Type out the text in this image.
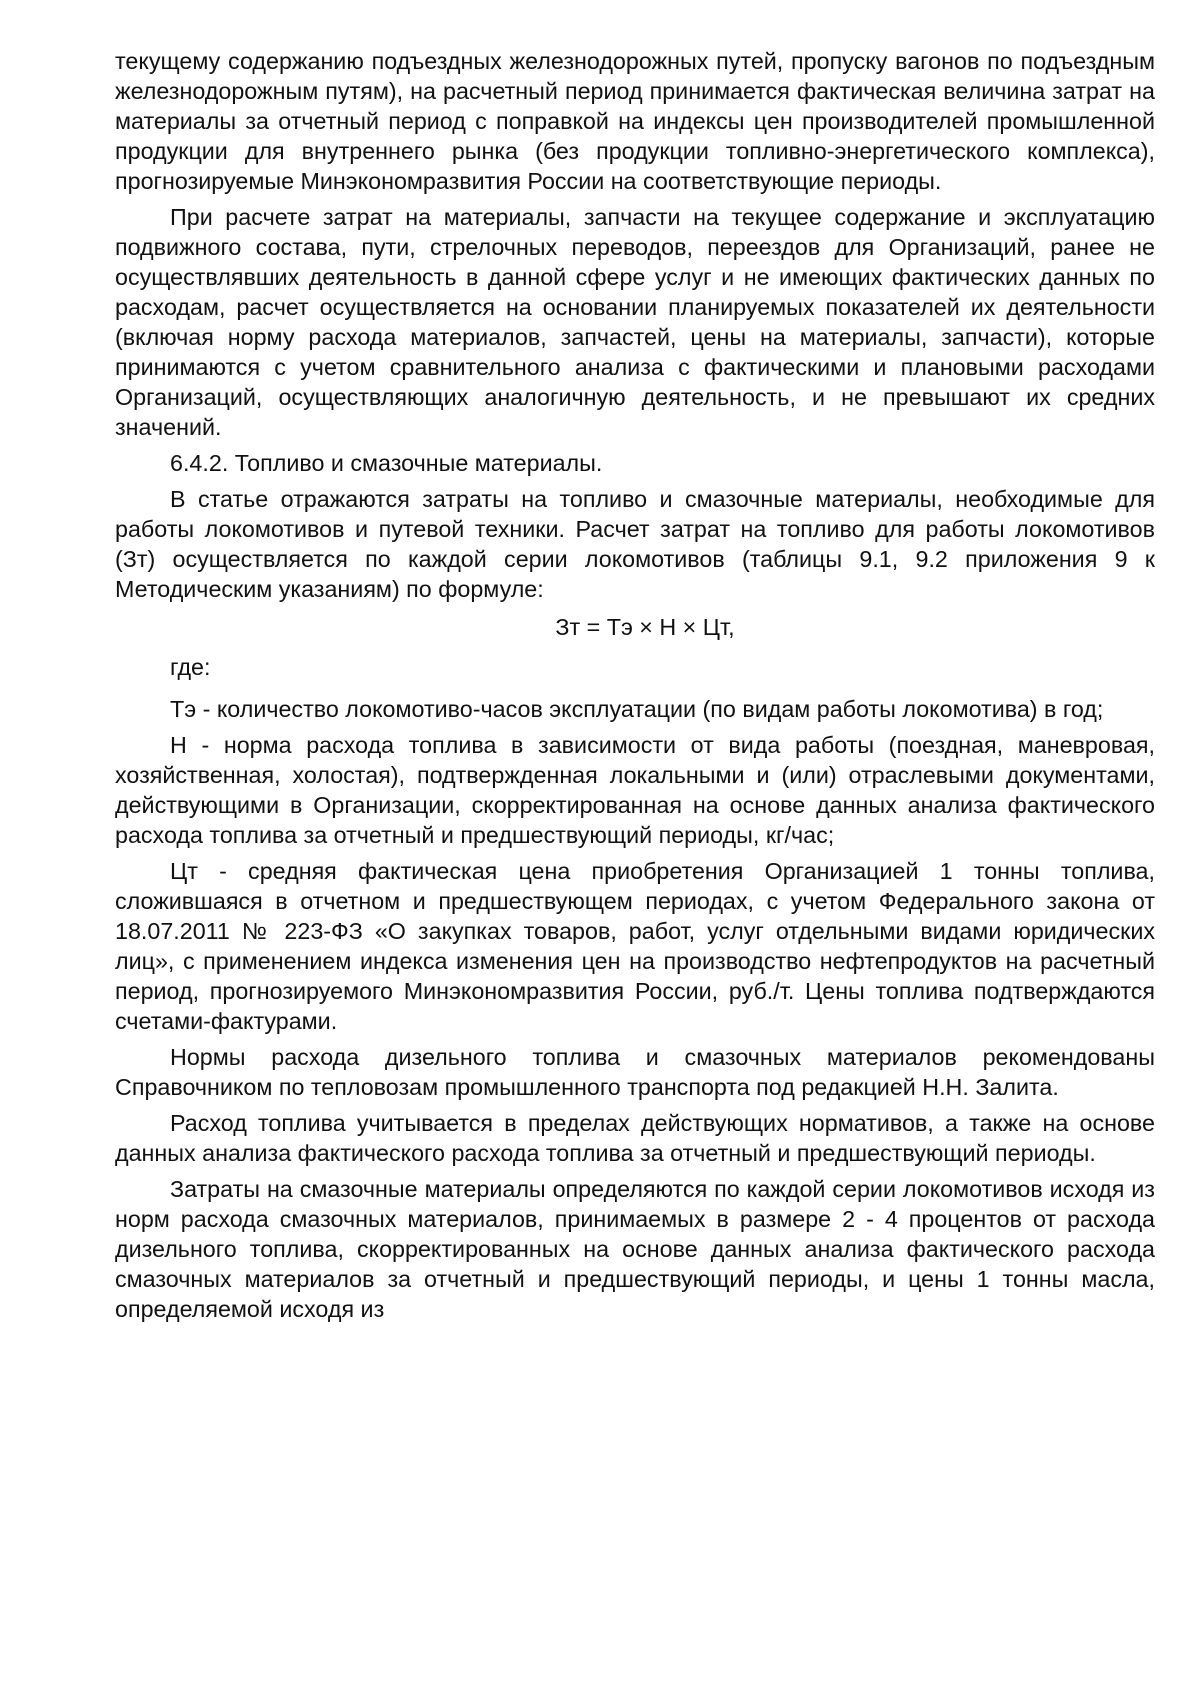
текущему содержанию подъездных железнодорожных путей, пропуску вагонов по подъездным железнодорожным путям), на расчетный период принимается фактическая величина затрат на материалы за отчетный период с поправкой на индексы цен производителей промышленной продукции для внутреннего рынка (без продукции топливно-энергетического комплекса), прогнозируемые Минэкономразвития России на соответствующие периоды.

При расчете затрат на материалы, запчасти на текущее содержание и эксплуатацию подвижного состава, пути, стрелочных переводов, переездов для Организаций, ранее не осуществлявших деятельность в данной сфере услуг и не имеющих фактических данных по расходам, расчет осуществляется на основании планируемых показателей их деятельности (включая норму расхода материалов, запчастей, цены на материалы, запчасти), которые принимаются с учетом сравнительного анализа с фактическими и плановыми расходами Организаций, осуществляющих аналогичную деятельность, и не превышают их средних значений.

6.4.2. Топливо и смазочные материалы.

В статье отражаются затраты на топливо и смазочные материалы, необходимые для работы локомотивов и путевой техники. Расчет затрат на топливо для работы локомотивов (Зт) осуществляется по каждой серии локомотивов (таблицы 9.1, 9.2 приложения 9 к Методическим указаниям) по формуле:

Зт = Тэ × Н × Цт,

где:

Тэ - количество локомотиво-часов эксплуатации (по видам работы локомотива) в год;

Н - норма расхода топлива в зависимости от вида работы (поездная, маневровая, хозяйственная, холостая), подтвержденная локальными и (или) отраслевыми документами, действующими в Организации, скорректированная на основе данных анализа фактического расхода топлива за отчетный и предшествующий периоды, кг/час;

Цт - средняя фактическая цена приобретения Организацией 1 тонны топлива, сложившаяся в отчетном и предшествующем периодах, с учетом Федерального закона от 18.07.2011 № 223-ФЗ «О закупках товаров, работ, услуг отдельными видами юридических лиц», с применением индекса изменения цен на производство нефтепродуктов на расчетный период, прогнозируемого Минэкономразвития России, руб./т. Цены топлива подтверждаются счетами-фактурами.

Нормы расхода дизельного топлива и смазочных материалов рекомендованы Справочником по тепловозам промышленного транспорта под редакцией Н.Н. Залита.

Расход топлива учитывается в пределах действующих нормативов, а также на основе данных анализа фактического расхода топлива за отчетный и предшествующий периоды.

Затраты на смазочные материалы определяются по каждой серии локомотивов исходя из норм расхода смазочных материалов, принимаемых в размере 2 - 4 процентов от расхода дизельного топлива, скорректированных на основе данных анализа фактического расхода смазочных материалов за отчетный и предшествующий периоды, и цены 1 тонны масла, определяемой исходя из
